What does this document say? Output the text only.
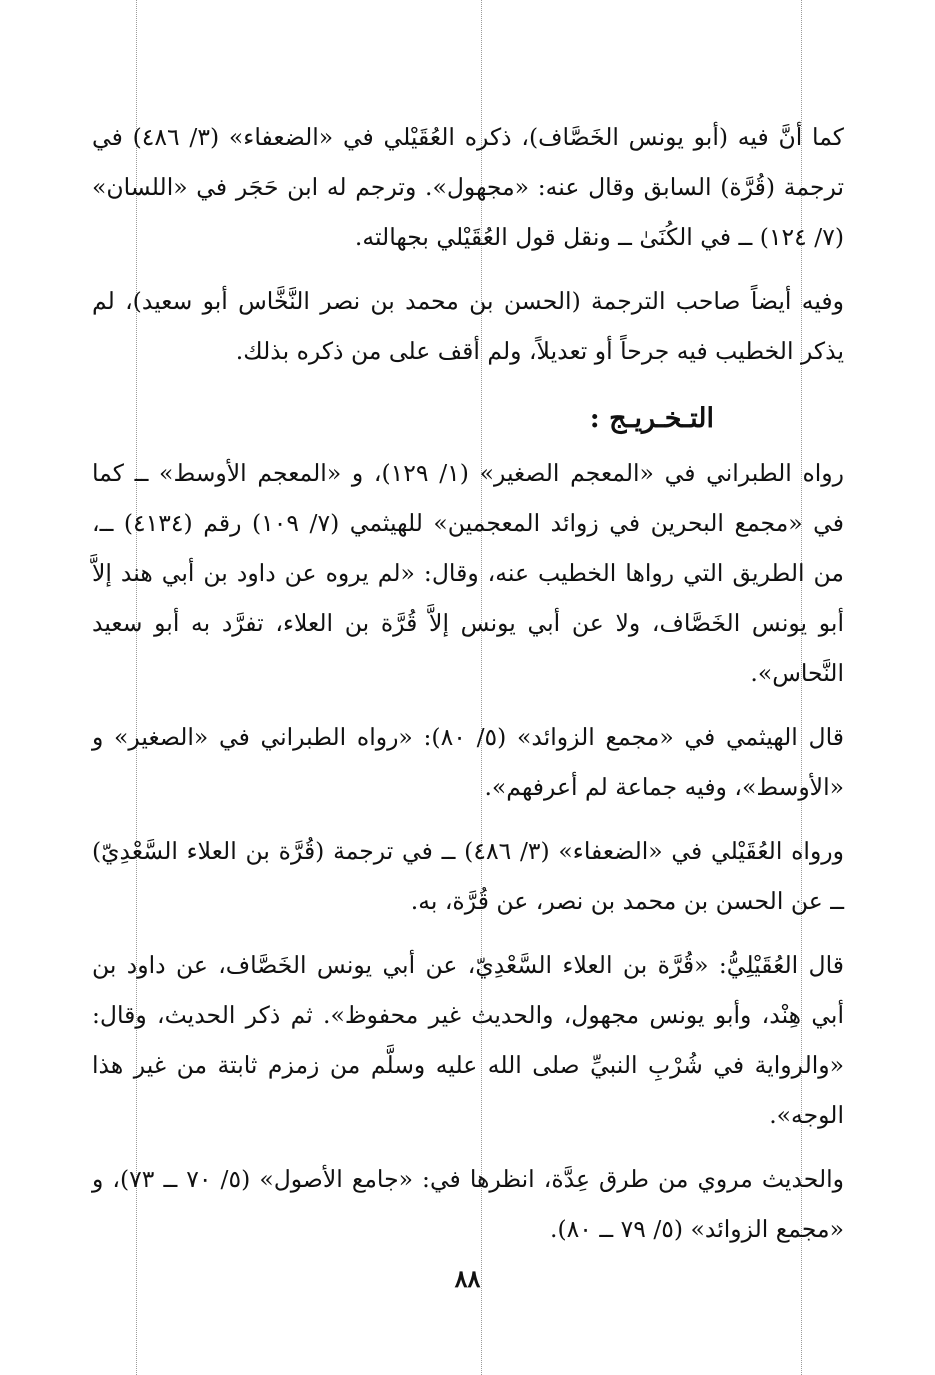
كما أنَّ فيه (أبو يونس الخَصَّاف)، ذكره العُقَيْلي في «الضعفاء» (٣/ ٤٨٦) في ترجمة (قُرَّة) السابق وقال عنه: «مجهول». وترجم له ابن حَجَر في «اللسان» (٧/ ١٢٤) ــ في الكُنَىٰ ــ ونقل قول العُقَيْلي بجهالته.

وفيه أيضاً صاحب الترجمة (الحسن بن محمد بن نصر النَّخَّاس أبو سعيد)، لم يذكر الخطيب فيه جرحاً أو تعديلاً، ولم أقف على من ذكره بذلك.

التـخـريـج :

رواه الطبراني في «المعجم الصغير» (١/ ١٢٩)، و «المعجم الأوسط» ــ كما في «مجمع البحرين في زوائد المعجمين» للهيثمي (٧/ ١٠٩) رقم (٤١٣٤) ــ، من الطريق التي رواها الخطيب عنه، وقال: «لم يروه عن داود بن أبي هند إلاَّ أبو يونس الخَصَّاف، ولا عن أبي يونس إلاَّ قُرَّة بن العلاء، تفرَّد به أبو سعيد النَّحاس».

قال الهيثمي في «مجمع الزوائد» (٥/ ٨٠): «رواه الطبراني في «الصغير» و «الأوسط»، وفيه جماعة لم أعرفهم».

ورواه العُقَيْلي في «الضعفاء» (٣/ ٤٨٦) ــ في ترجمة (قُرَّة بن العلاء السَّعْدِيّ) ــ عن الحسن بن محمد بن نصر، عن قُرَّة، به.

قال العُقَيْلِيُّ: «قُرَّة بن العلاء السَّعْدِيّ، عن أبي يونس الخَصَّاف، عن داود بن أبي هِنْد، وأبو يونس مجهول، والحديث غير محفوظ». ثم ذكر الحديث، وقال: «والرواية في شُرْبِ النبيِّ صلى الله عليه وسلَّم من زمزم ثابتة من غير هذا الوجه».

والحديث مروي من طرق عِدَّة، انظرها في: «جامع الأصول» (٥/ ٧٠ ــ ٧٣)، و «مجمع الزوائد» (٥/ ٧٩ ــ ٨٠).

٨٨
